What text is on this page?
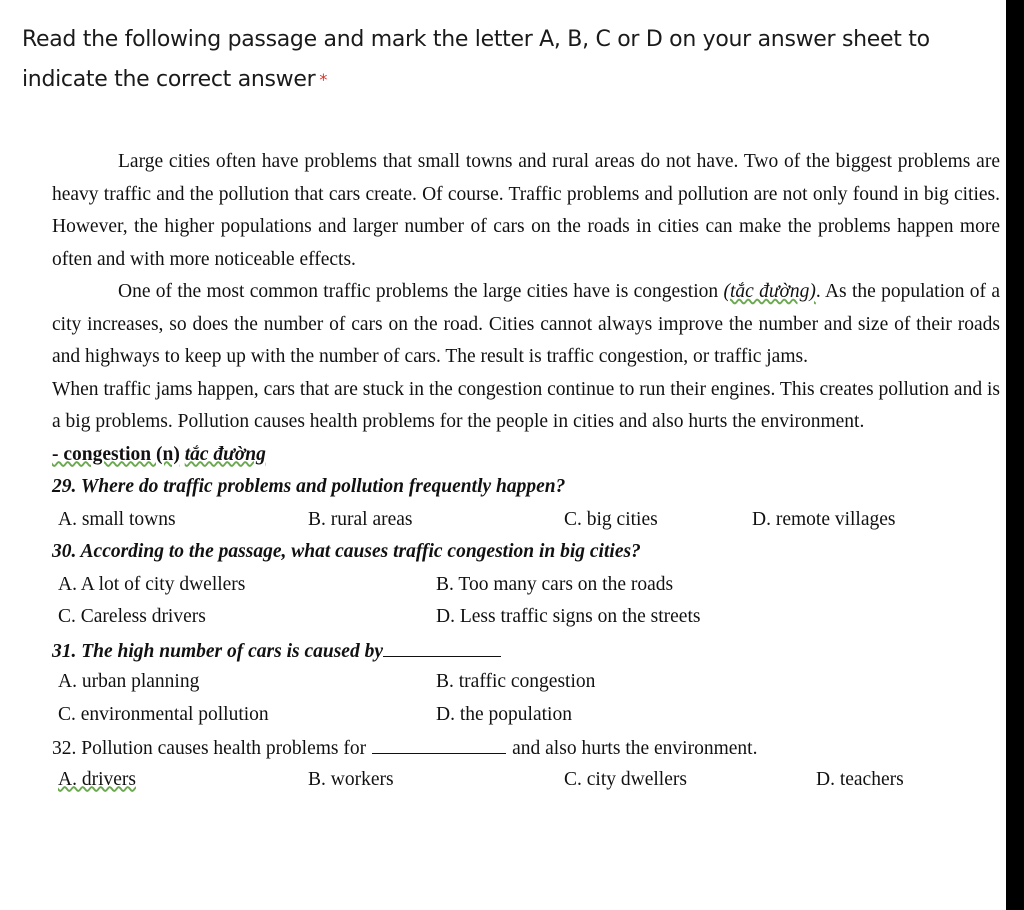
Read the following passage and mark the letter A, B, C or D on your answer sheet to
indicate the correct answer *

Large cities often have problems that small towns and rural areas do not have. Two of the biggest problems are heavy traffic and the pollution that cars create. Of course. Traffic problems and pollution are not only found in big cities. However, the higher populations and larger number of cars on the roads in cities can make the problems happen more often and with more noticeable effects.

One of the most common traffic problems the large cities have is congestion (tắc đường). As the population of a city increases, so does the number of cars on the road. Cities cannot always improve the number and size of their roads and highways to keep up with the number of cars. The result is traffic congestion, or traffic jams.

When traffic jams happen, cars that are stuck in the congestion continue to run their engines. This creates pollution and is a big problems. Pollution causes health problems for the people in cities and also hurts the environment.

- congestion (n) tắc đường
29. Where do traffic problems and pollution frequently happen?
A. small towns	B. rural areas	C. big cities	D. remote villages
30. According to the passage, what causes traffic congestion in big cities?
A. A lot of city dwellers	B. Too many cars on the roads
C. Careless drivers	D. Less traffic signs on the streets
31. The high number of cars is caused by
A. urban planning	B. traffic congestion
C. environmental pollution	D. the population
32. Pollution causes health problems for	and also hurts the environment.
A. drivers	B. workers	C. city dwellers	D. teachers
